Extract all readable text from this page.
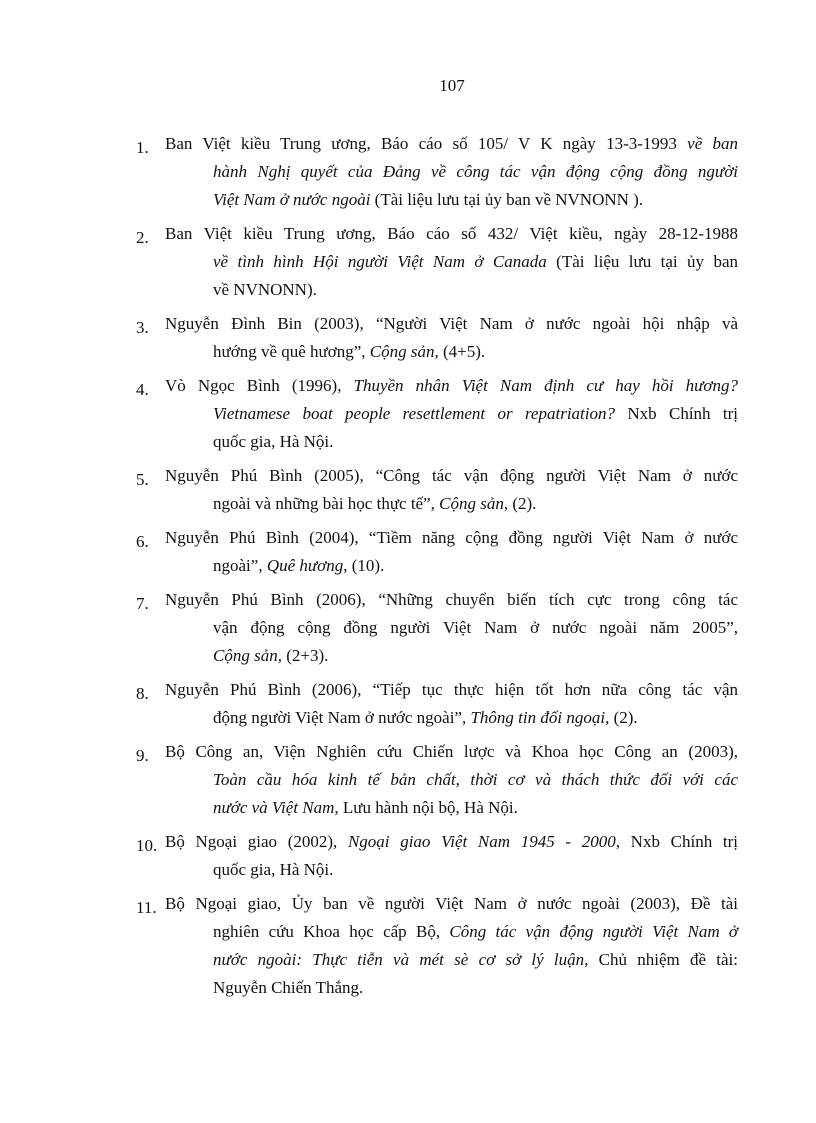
107
1. Ban Việt kiều Trung ương, Báo cáo số 105/ V K ngày 13-3-1993 về ban
hành Nghị quyết của Đảng về công tác vận động cộng đồng người
Việt Nam ở nước ngoài (Tài liệu lưu tại ủy ban về NVNONN ).
2. Ban Việt kiều Trung ương, Báo cáo số 432/ Việt kiều, ngày 28-12-1988
về tình hình Hội người Việt Nam ở Canada (Tài liệu lưu tại ủy ban
về NVNONN).
3. Nguyễn Đình Bin (2003), “Người Việt Nam ở nước ngoài hội nhập và
hướng về quê hương”, Cộng sản, (4+5).
4. Vò Ngọc Bình (1996), Thuyền nhân Việt Nam định cư hay hồi hương?
Vietnamese boat people resettlement or repatriation? Nxb Chính trị
quốc gia, Hà Nội.
5. Nguyễn Phú Bình (2005), “Công tác vận động người Việt Nam ở nước
ngoài và những bài học thực tế”, Cộng sản, (2).
6. Nguyễn Phú Bình (2004), “Tiềm năng cộng đồng người Việt Nam ở nước
ngoài”, Quê hương, (10).
7. Nguyễn Phú Bình (2006), “Những chuyển biến tích cực trong công tác
vận động cộng đồng người Việt Nam ở nước ngoài năm 2005”,
Cộng sản, (2+3).
8. Nguyễn Phú Bình (2006), “Tiếp tục thực hiện tốt hơn nữa công tác vận
động người Việt Nam ở nước ngoài”, Thông tin đối ngoại, (2).
9. Bộ Công an, Viện Nghiên cứu Chiến lược và Khoa học Công an (2003),
Toàn cầu hóa kinh tế bản chất, thời cơ và thách thức đối với các
nước và Việt Nam, Lưu hành nội bộ, Hà Nội.
10. Bộ Ngoại giao (2002), Ngoại giao Việt Nam 1945 - 2000, Nxb Chính trị
quốc gia, Hà Nội.
11. Bộ Ngoại giao, Ủy ban về người Việt Nam ở nước ngoài (2003), Đề tài
nghiên cứu Khoa học cấp Bộ, Công tác vận động người Việt Nam ở
nước ngoài: Thực tiễn và mét sè cơ sở lý luận, Chủ nhiệm đề tài:
Nguyễn Chiến Thắng.
